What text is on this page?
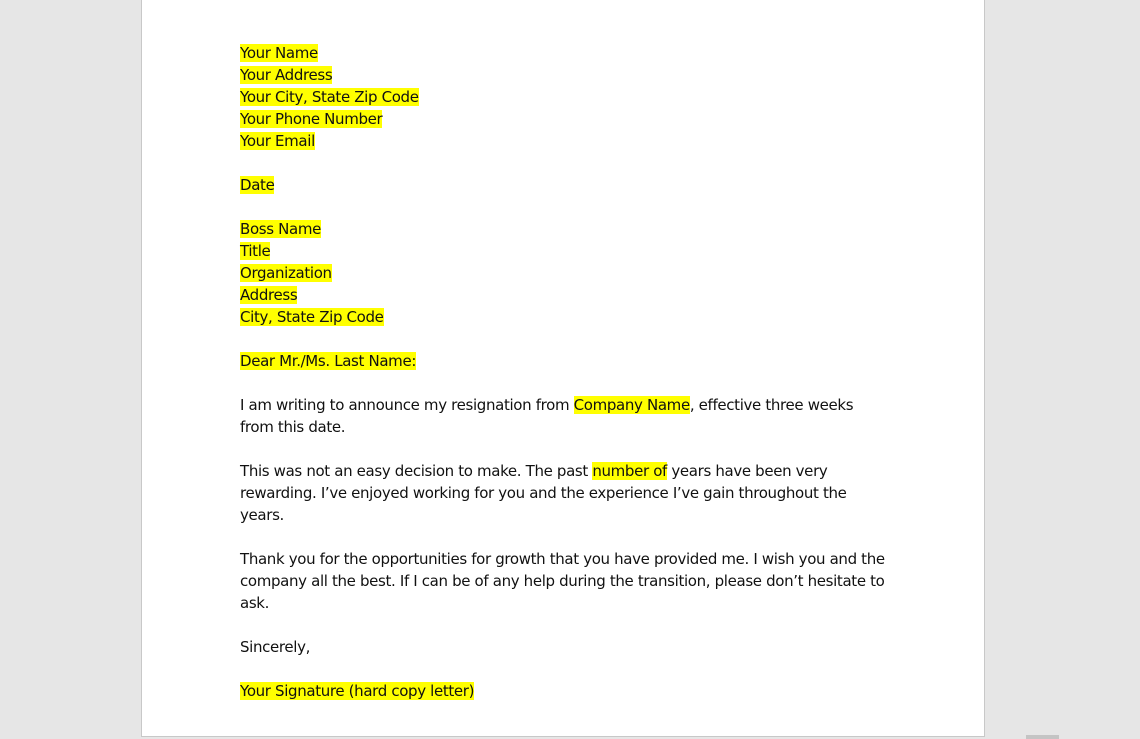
Your Name
Your Address
Your City, State Zip Code
Your Phone Number
Your Email
Date
Boss Name
Title
Organization
Address
City, State Zip Code
Dear Mr./Ms. Last Name:

I am writing to announce my resignation from Company Name, effective three weeks from this date.

This was not an easy decision to make. The past number of years have been very rewarding. I’ve enjoyed working for you and the experience I’ve gain throughout the years.

Thank you for the opportunities for growth that you have provided me. I wish you and the company all the best. If I can be of any help during the transition, please don’t hesitate to ask.

Sincerely,
Your Signature (hard copy letter)
